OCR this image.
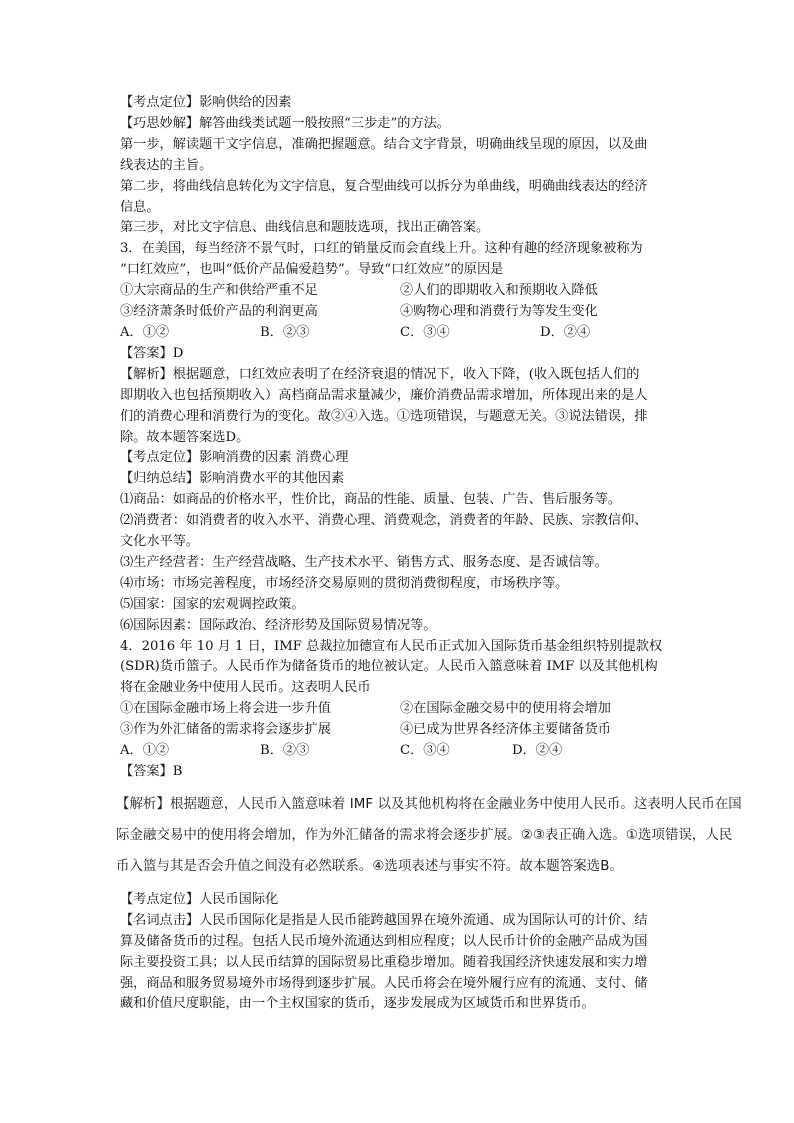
【考点定位】影响供给的因素
【巧思妙解】解答曲线类试题一般按照“三步走”的方法。
第一步，解读题干文字信息，准确把握题意。结合文字背景，明确曲线呈现的原因，以及曲
线表达的主旨。
第二步，将曲线信息转化为文字信息，复合型曲线可以拆分为单曲线，明确曲线表达的经济
信息。
第三步，对比文字信息、曲线信息和题肢选项，找出正确答案。
3．在美国，每当经济不景气时，口红的销量反而会直线上升。这种有趣的经济现象被称为
“口红效应”，也叫“低价产品偏爱趋势”。导致“口红效应”的原因是
①大宗商品的生产和供给严重不足	②人们的即期收入和预期收入降低
③经济萧条时低价产品的利润更高	④购物心理和消费行为等发生变化
A．①②	B．②③	C．③④	D．②④
【答案】D
【解析】根据题意，口红效应表明了在经济衰退的情况下，收入下降，(收入既包括人们的
即期收入也包括预期收入）高档商品需求量减少，廉价消费品需求增加，所体现出来的是人
们的消费心理和消费行为的变化。故②④入选。①选项错误，与题意无关。③说法错误，排
除。故本题答案选D。
【考点定位】影响消费的因素 消费心理
【归纳总结】影响消费水平的其他因素
⑴商品：如商品的价格水平，性价比，商品的性能、质量、包装、广告、售后服务等。
⑵消费者：如消费者的收入水平、消费心理、消费观念，消费者的年龄、民族、宗教信仰、
文化水平等。
⑶生产经营者：生产经营战略、生产技术水平、销售方式、服务态度、是否诚信等。
⑷市场：市场完善程度，市场经济交易原则的贯彻消费彻程度，市场秩序等。
⑸国家：国家的宏观调控政策。
⑹国际因素：国际政治、经济形势及国际贸易情况等。
4．2016 年 10 月 1 日，IMF 总裁拉加德宣布人民币正式加入国际货币基金组织特别提款权
(SDR)货币篮子。人民币作为储备货币的地位被认定。人民币入篮意味着 IMF 以及其他机构
将在金融业务中使用人民币。这表明人民币
①在国际金融市场上将会进一步升值	②在国际金融交易中的使用将会增加
③作为外汇储备的需求将会逐步扩展	④已成为世界各经济体主要储备货币
A．①②	B．②③	C．③④	D．②④
【答案】B
【解析】根据题意，人民币入篮意味着 IMF 以及其他机构将在金融业务中使用人民币。这表明人民币在国
际金融交易中的使用将会增加，作为外汇储备的需求将会逐步扩展。②③表正确入选。①选项错误，人民
币入篮与其是否会升值之间没有必然联系。④选项表述与事实不符。故本题答案选B。
【考点定位】人民币国际化
【名词点击】人民币国际化是指是人民币能跨越国界在境外流通、成为国际认可的计价、结
算及储备货币的过程。包括人民币境外流通达到相应程度；以人民币计价的金融产品成为国
际主要投资工具；以人民币结算的国际贸易比重稳步增加。随着我国经济快速发展和实力增
强，商品和服务贸易境外市场得到逐步扩展。人民币将会在境外履行应有的流通、支付、储
藏和价值尺度职能，由一个主权国家的货币，逐步发展成为区域货币和世界货币。
